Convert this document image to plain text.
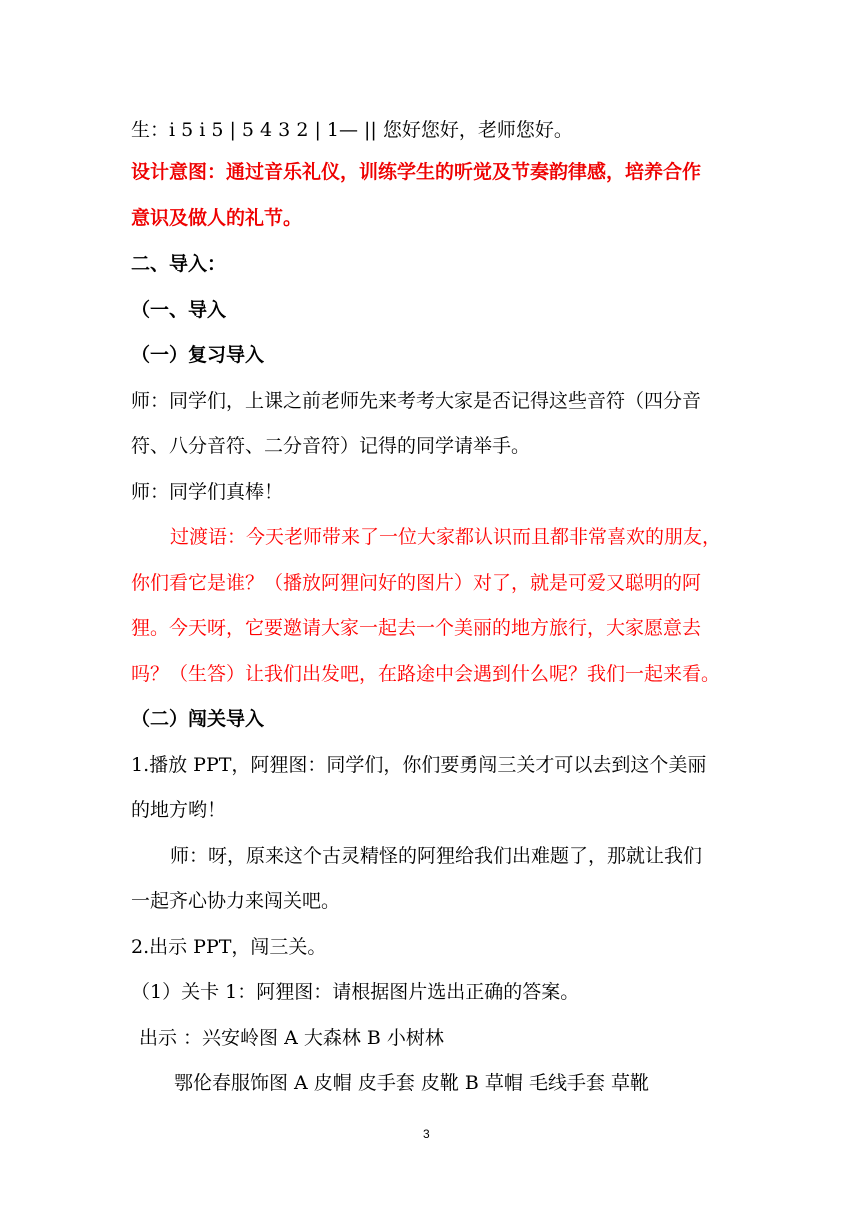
生：i 5 i 5 | 5 4 3 2 | 1— || 您好您好，老师您好。
设计意图：通过音乐礼仪，训练学生的听觉及节奏韵律感，培养合作
意识及做人的礼节。
二、导入：
（一、导入
（一）复习导入
师：同学们，上课之前老师先来考考大家是否记得这些音符（四分音
符、八分音符、二分音符）记得的同学请举手。
师：同学们真棒！
过渡语：今天老师带来了一位大家都认识而且都非常喜欢的朋友，
你们看它是谁？（播放阿狸问好的图片）对了，就是可爱又聪明的阿
狸。今天呀，它要邀请大家一起去一个美丽的地方旅行，大家愿意去
吗？（生答）让我们出发吧，在路途中会遇到什么呢？我们一起来看。
（二）闯关导入
1.播放 PPT，阿狸图：同学们，你们要勇闯三关才可以去到这个美丽
的地方哟！
师：呀，原来这个古灵精怪的阿狸给我们出难题了，那就让我们
一起齐心协力来闯关吧。
2.出示 PPT，闯三关。
（1）关卡 1：阿狸图：请根据图片选出正确的答案。
出示 ：兴安岭图 A 大森林 B 小树林
鄂伦春服饰图 A 皮帽 皮手套 皮靴 B 草帽 毛线手套 草靴
3
